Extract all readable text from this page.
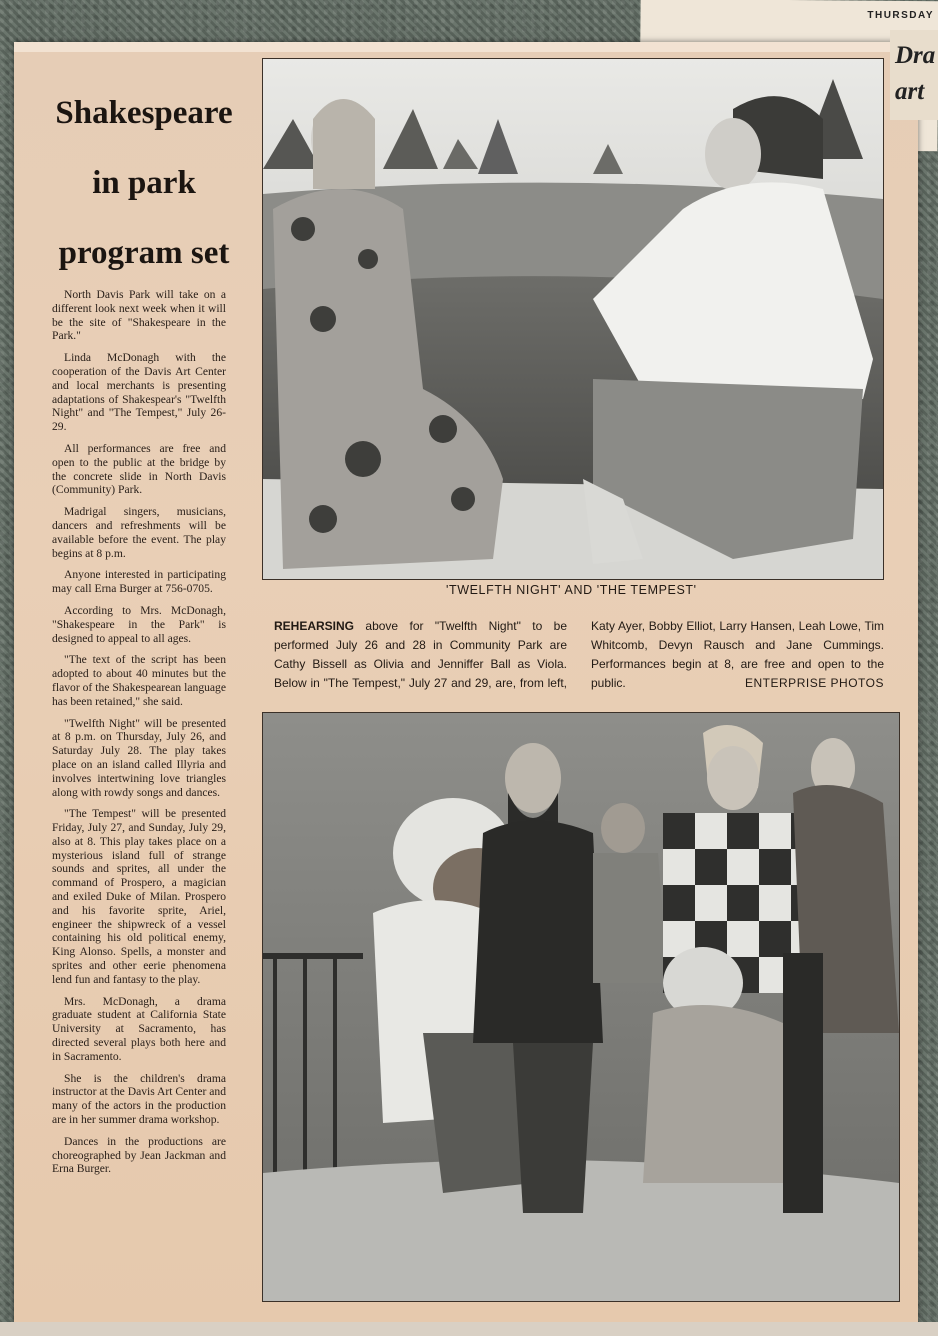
THURSDAY
Dra
art
Shakespeare
in park
program set

North Davis Park will take on a different look next week when it will be the site of "Shakespeare in the Park."

Linda McDonagh with the cooperation of the Davis Art Center and local merchants is presenting adaptations of Shakespear's "Twelfth Night" and "The Tempest," July 26-29.

All performances are free and open to the public at the bridge by the concrete slide in North Davis (Community) Park.

Madrigal singers, musicians, dancers and refreshments will be available before the event. The play begins at 8 p.m.

Anyone interested in participating may call Erna Burger at 756-0705.

According to Mrs. McDonagh, "Shakespeare in the Park" is designed to appeal to all ages.

"The text of the script has been adopted to about 40 minutes but the flavor of the Shakespearean language has been retained," she said.

"Twelfth Night" will be presented at 8 p.m. on Thursday, July 26, and Saturday July 28. The play takes place on an island called Illyria and involves intertwining love triangles along with rowdy songs and dances.

"The Tempest" will be presented Friday, July 27, and Sunday, July 29, also at 8. This play takes place on a mysterious island full of strange sounds and sprites, all under the command of Prospero, a magician and exiled Duke of Milan. Prospero and his favorite sprite, Ariel, engineer the shipwreck of a vessel containing his old political enemy, King Alonso. Spells, a monster and sprites and other eerie phenomena lend fun and fantasy to the play.

Mrs. McDonagh, a drama graduate student at California State University at Sacramento, has directed several plays both here and in Sacramento.

She is the children's drama instructor at the Davis Art Center and many of the actors in the production are in her summer drama workshop.

Dances in the productions are choreographed by Jean Jackman and Erna Burger.

'TWELFTH NIGHT' AND 'THE TEMPEST'
REHEARSING above for "Twelfth Night" to be performed July 26 and 28 in Community Park are Cathy Bissell as Olivia and Jenniffer Ball as Viola. Below in "The Tempest," July 27 and 29, are, from left, Katy Ayer, Bobby Elliot, Larry Hansen, Leah Lowe, Tim Whitcomb, Devyn Rausch and Jane Cummings. Performances begin at 8, are free and open to the public.	ENTERPRISE PHOTOS
